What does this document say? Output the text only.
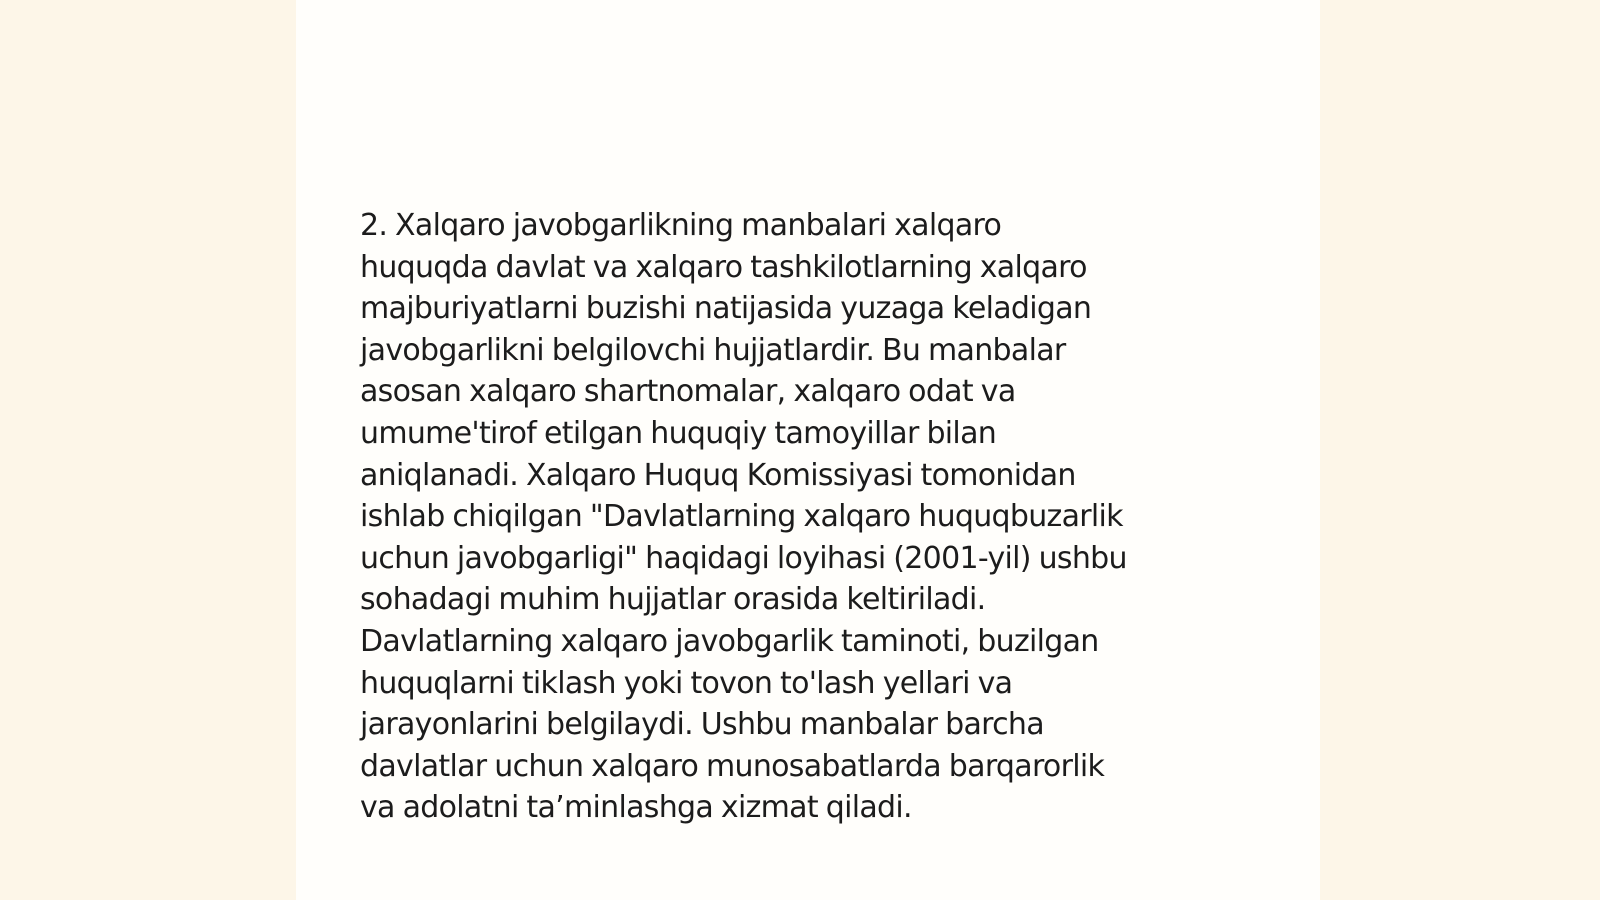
2. Xalqaro javobgarlikning manbalari xalqaro
huquqda davlat va xalqaro tashkilotlarning xalqaro
majburiyatlarni buzishi natijasida yuzaga keladigan
javobgarlikni belgilovchi hujjatlardir. Bu manbalar
asosan xalqaro shartnomalar, xalqaro odat va
umume'tirof etilgan huquqiy tamoyillar bilan
aniqlanadi. Xalqaro Huquq Komissiyasi tomonidan
ishlab chiqilgan "Davlatlarning xalqaro huquqbuzarlik
uchun javobgarligi" haqidagi loyihasi (2001-yil) ushbu
sohadagi muhim hujjatlar orasida keltiriladi.
Davlatlarning xalqaro javobgarlik taminoti, buzilgan
huquqlarni tiklash yoki tovon to'lash yellari va
jarayonlarini belgilaydi. Ushbu manbalar barcha
davlatlar uchun xalqaro munosabatlarda barqarorlik
va adolatni ta’minlashga xizmat qiladi.
